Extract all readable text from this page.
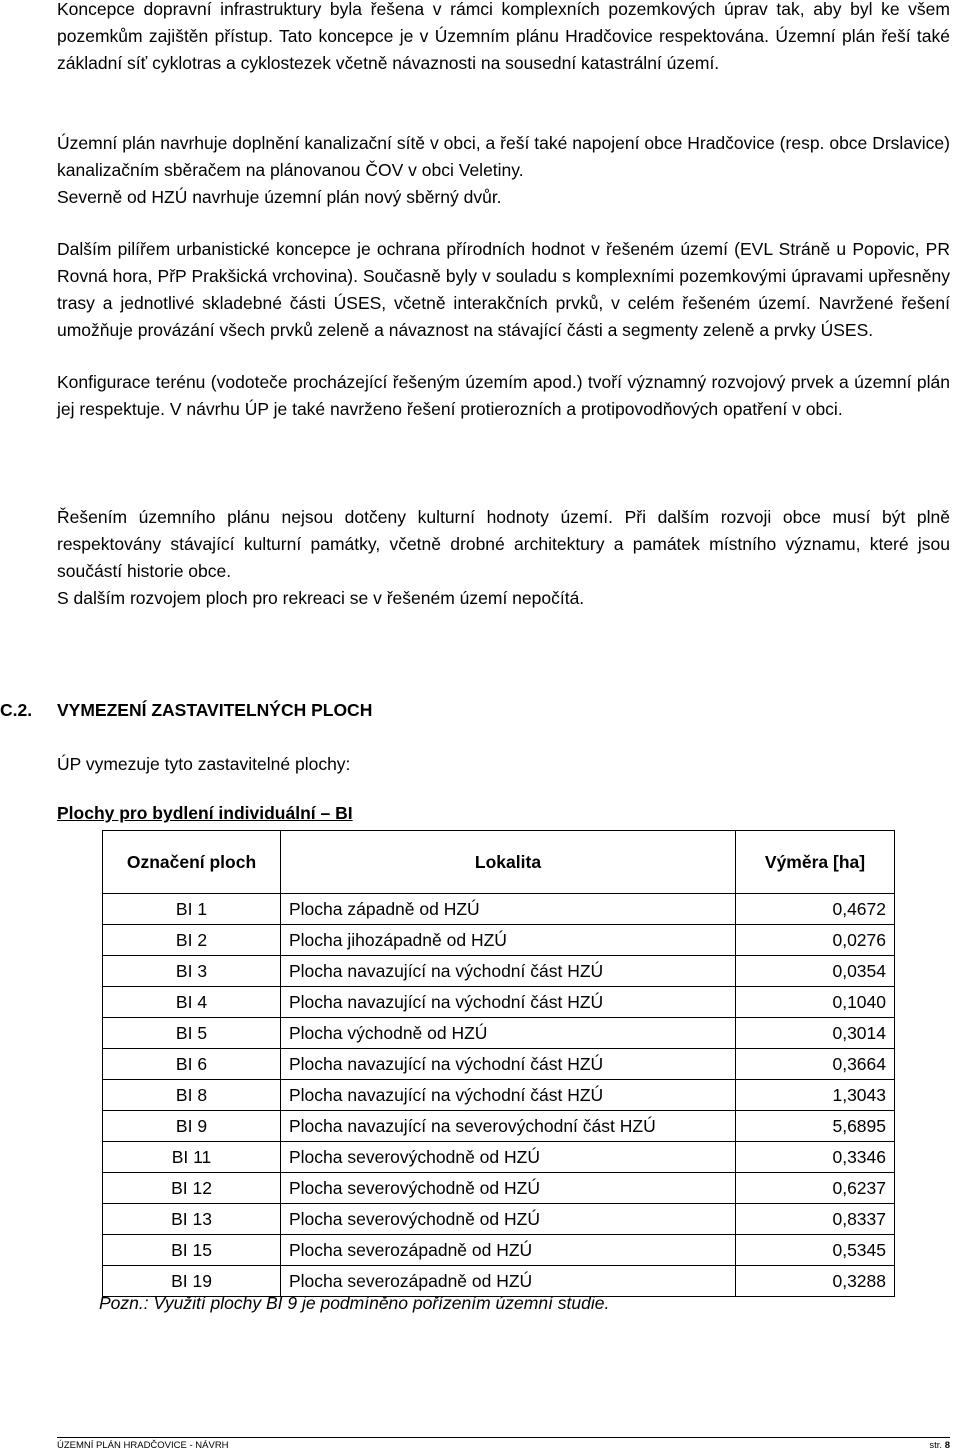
Koncepce dopravní infrastruktury byla řešena v rámci komplexních pozemkových úprav tak, aby byl ke všem pozemkům zajištěn přístup. Tato koncepce je v Územním plánu Hradčovice respektována. Územní plán řeší také základní síť cyklotras a cyklostezek včetně návaznosti na sousední katastrální území.
Územní plán navrhuje doplnění kanalizační sítě v obci, a řeší také napojení obce Hradčovice (resp. obce Drslavice) kanalizačním sběračem na plánovanou ČOV v obci Veletiny.
Severně od HZÚ navrhuje územní plán nový sběrný dvůr.
Dalším pilířem urbanistické koncepce je ochrana přírodních hodnot v řešeném území (EVL Stráně u Popovic, PR Rovná hora, PřP Prakšická vrchovina). Současně byly v souladu s komplexními pozemkovými úpravami upřesněny trasy a jednotlivé skladebné části ÚSES, včetně interakčních prvků, v celém řešeném území. Navržené řešení umožňuje provázání všech prvků zeleně a návaznost na stávající části a segmenty zeleně a prvky ÚSES.
Konfigurace terénu (vodoteče procházející řešeným územím apod.) tvoří významný rozvojový prvek a územní plán jej respektuje. V návrhu ÚP je také navrženo řešení protierozních a protipovodňových opatření v obci.
Řešením územního plánu nejsou dotčeny kulturní hodnoty území. Při dalším rozvoji obce musí být plně respektovány stávající kulturní památky, včetně drobné architektury a památek místního významu, které jsou součástí historie obce.
S dalším rozvojem ploch pro rekreaci se v řešeném území nepočítá.
C.2.	VYMEZENÍ ZASTAVITELNÝCH PLOCH
ÚP vymezuje tyto zastavitelné plochy:
Plochy pro bydlení individuální – BI
Označení ploch	Lokalita	Výměra [ha]
BI 1	Plocha západně od HZÚ	0,4672
BI 2	Plocha jihozápadně od HZÚ	0,0276
BI 3	Plocha navazující na východní část HZÚ	0,0354
BI 4	Plocha navazující na východní část HZÚ	0,1040
BI 5	Plocha východně od HZÚ	0,3014
BI 6	Plocha navazující na východní část HZÚ	0,3664
BI 8	Plocha navazující na východní část HZÚ	1,3043
BI 9	Plocha navazující na severovýchodní část HZÚ	5,6895
BI 11	Plocha severovýchodně od HZÚ	0,3346
BI 12	Plocha severovýchodně od HZÚ	0,6237
BI 13	Plocha severovýchodně od HZÚ	0,8337
BI 15	Plocha severozápadně od HZÚ	0,5345
BI 19	Plocha severozápadně od HZÚ	0,3288
Pozn.: Využití plochy BI 9 je podmíněno pořízením územní studie.
ÚZEMNÍ PLÁN HRADČOVICE - NÁVRH	str. 8
